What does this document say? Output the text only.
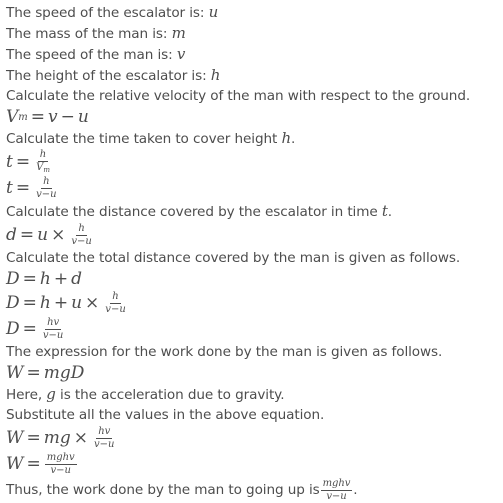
The speed of the escalator is: u
The mass of the man is: m
The speed of the man is: v
The height of the escalator is: h
Calculate the relative velocity of the man with respect to the ground.
V m = v − u
Calculate the time taken to cover height h.
$t = \frac{h}{V_m}$
$t = \frac{h}{v-u}$
Calculate the distance covered by the escalator in time t.
$d = u \times \frac{h}{v-u}$
Calculate the total distance covered by the man is given as follows.
D = h + d
$D = h + u \times \frac{h}{v-u}$
$D = \frac{hv}{v-u}$
The expression for the work done by the man is given as follows.
W = mgD
Here, g is the acceleration due to gravity.
Substitute all the values in the above equation.
W = mg × $\frac{hv}{v-u}$
$W = \frac{\text{mghv}}{v-u}$
Thus, the work done by the man to going up is $\frac{\text{mghv}}{v-u}$ .
